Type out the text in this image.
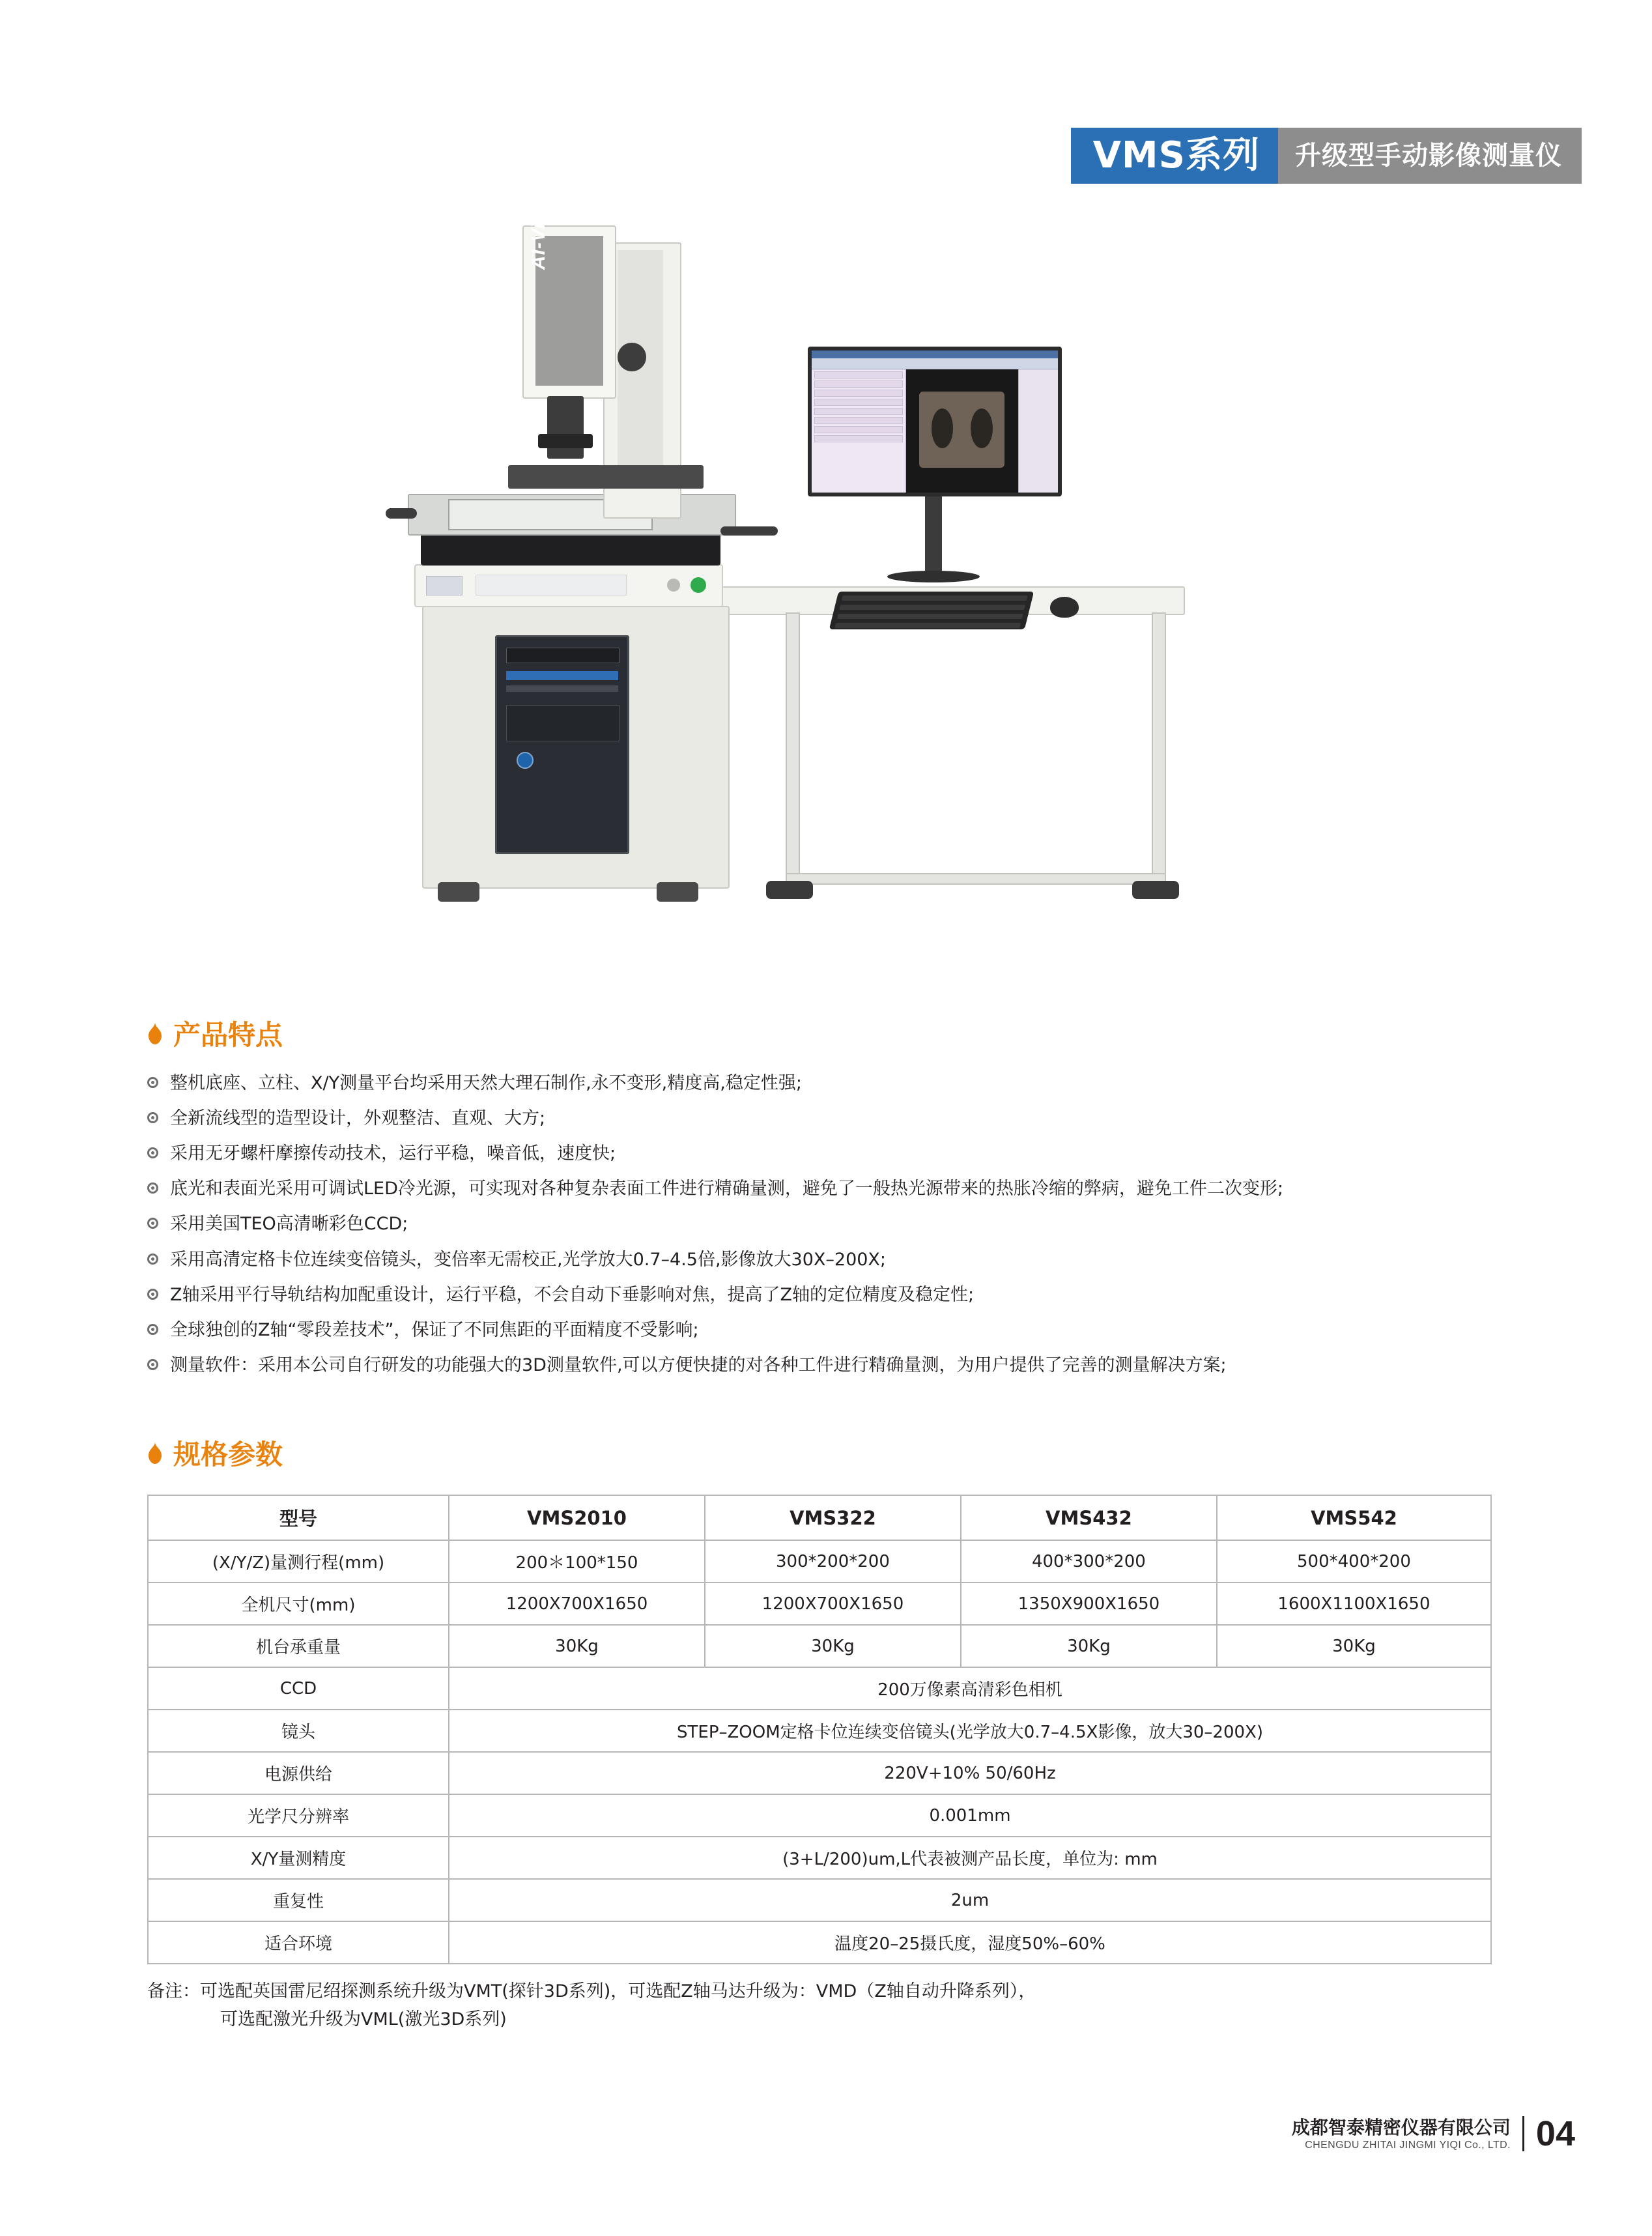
VMS系列	升级型手动影像测量仪
AI-Vision
产品特点
整机底座、立柱、X/Y测量平台均采用天然大理石制作,永不变形,精度高,稳定性强;
全新流线型的造型设计，外观整洁、直观、大方;
采用无牙螺杆摩擦传动技术，运行平稳，噪音低，速度快;
底光和表面光采用可调试LED冷光源，可实现对各种复杂表面工件进行精确量测，避免了一般热光源带来的热胀冷缩的弊病，避免工件二次变形;
采用美国TEO高清晰彩色CCD;
采用高清定格卡位连续变倍镜头，变倍率无需校正,光学放大0.7–4.5倍,影像放大30X–200X;
Z轴采用平行导轨结构加配重设计，运行平稳，不会自动下垂影响对焦，提高了Z轴的定位精度及稳定性;
全球独创的Z轴“零段差技术”，保证了不同焦距的平面精度不受影响;
测量软件：采用本公司自行研发的功能强大的3D测量软件,可以方便快捷的对各种工件进行精确量测，为用户提供了完善的测量解决方案;
规格参数
型号	VMS2010	VMS322	VMS432	VMS542
(X/Y/Z)量测行程(mm)	200＊100*150	300*200*200	400*300*200	500*400*200
全机尺寸(mm)	1200X700X1650	1200X700X1650	1350X900X1650	1600X1100X1650
机台承重量	30Kg	30Kg	30Kg	30Kg
CCD	200万像素高清彩色相机			
镜头	STEP–ZOOM定格卡位连续变倍镜头(光学放大0.7–4.5X影像，放大30–200X)			
电源供给	220V+10% 50/60Hz			
光学尺分辨率	0.001mm			
X/Y量测精度	(3+L/200)um,L代表被测产品长度，单位为: mm			
重复性	2um			
适合环境	温度20–25摄氏度，湿度50%–60%			
备注：可选配英国雷尼绍探测系统升级为VMT(探针3D系列)，可选配Z轴马达升级为：VMD（Z轴自动升降系列），
可选配激光升级为VML(激光3D系列)
成都智泰精密仪器有限公司
CHENGDU ZHITAI JINGMI YIQI Co., LTD. 04
